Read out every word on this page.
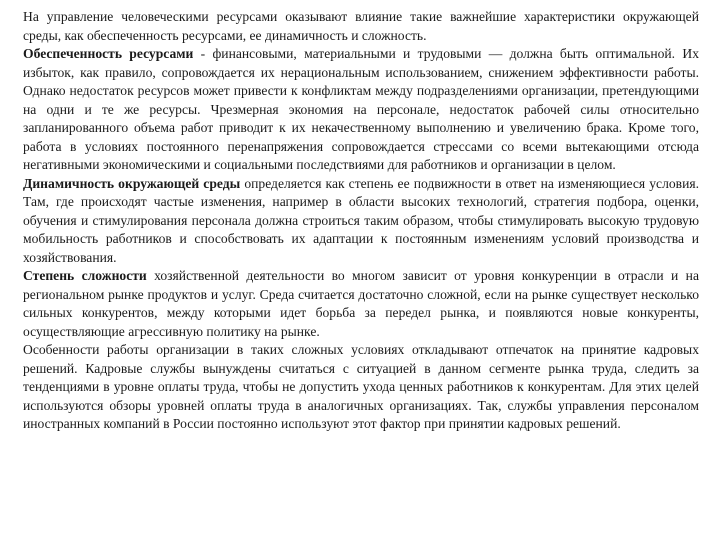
На управление человеческими ресурсами оказывают влияние такие важнейшие характеристики окружающей среды, как обеспеченность ресурсами, ее динамичность и сложность.

Обеспеченность ресурсами - финансовыми, материальными и трудовыми — должна быть оптимальной. Их избыток, как правило, сопровождается их нерациональным использованием, снижением эффективности работы. Однако недостаток ресурсов может привести к конфликтам между подразделениями организации, претендующими на одни и те же ресурсы. Чрезмерная экономия на персонале, недостаток рабочей силы относительно запланированного объема работ приводит к их некачественному выполнению и увеличению брака. Кроме того, работа в условиях постоянного перенапряжения сопровождается стрессами со всеми вытекающими отсюда негативными экономическими и социальными последствиями для работников и организации в целом.

Динамичность окружающей среды определяется как степень ее подвижности в ответ на изменяющиеся условия. Там, где происходят частые изменения, например в области высоких технологий, стратегия подбора, оценки, обучения и стимулирования персонала должна строиться таким образом, чтобы стимулировать высокую трудовую мобильность работников и способствовать их адаптации к постоянным изменениям условий производства и хозяйствования.

Степень сложности хозяйственной деятельности во многом зависит от уровня конкуренции в отрасли и на региональном рынке продуктов и услуг. Среда считается достаточно сложной, если на рынке существует несколько сильных конкурентов, между которыми идет борьба за передел рынка, и появляются новые конкуренты, осуществляющие агрессивную политику на рынке.

Особенности работы организации в таких сложных условиях откладывают отпечаток на принятие кадровых решений. Кадровые службы вынуждены считаться с ситуацией в данном сегменте рынка труда, следить за тенденциями в уровне оплаты труда, чтобы не допустить ухода ценных работников к конкурентам. Для этих целей используются обзоры уровней оплаты труда в аналогичных организациях. Так, службы управления персоналом иностранных компаний в России постоянно используют этот фактор при принятии кадровых решений.
